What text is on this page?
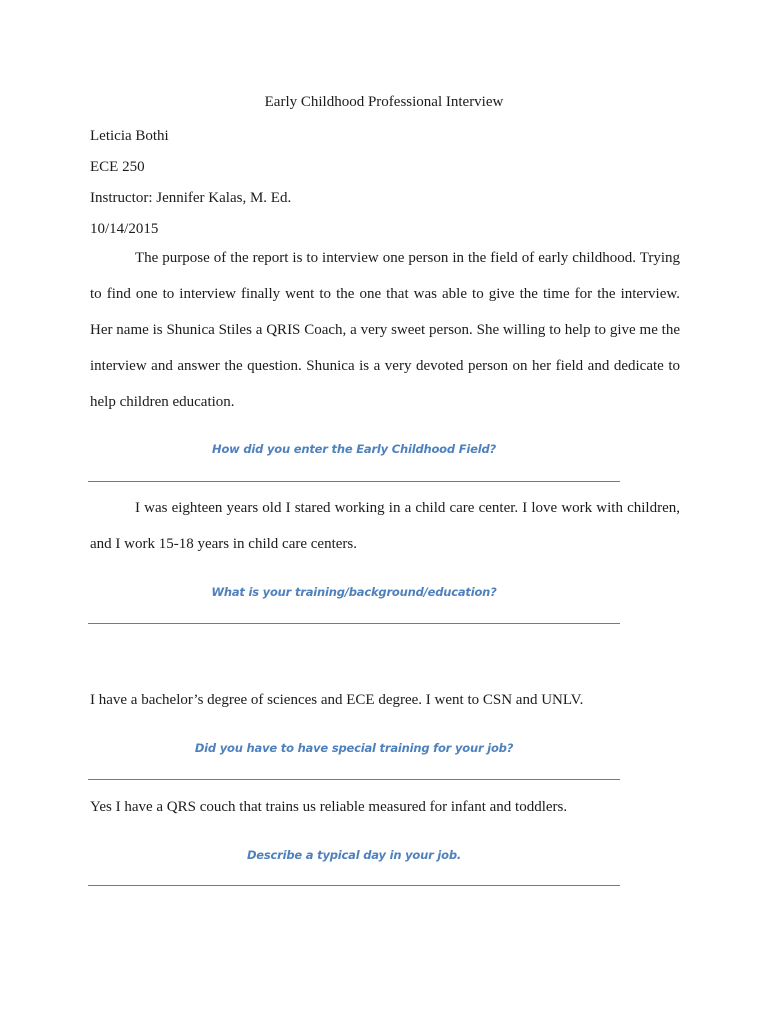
Early Childhood Professional Interview
Leticia Bothi
ECE 250
Instructor: Jennifer Kalas, M. Ed.
10/14/2015

The purpose of the report is to interview one person in the field of early childhood. Trying to find one to interview finally went to the one that was able to give the time for the interview. Her name is Shunica Stiles a QRIS Coach, a very sweet person. She willing to help to give me the interview and answer the question. Shunica is a very devoted person on her field and dedicate to help children education.

How did you enter the Early Childhood Field?

I was eighteen years old I stared working in a child care center. I love work with children, and I work 15-18 years in child care centers.

What is your training/background/education?
I have a bachelor’s degree of sciences and ECE degree. I went to CSN and UNLV.
Did you have to have special training for your job?
Yes I have a QRS couch that trains us reliable measured for infant and toddlers.
Describe a typical day in your job.
